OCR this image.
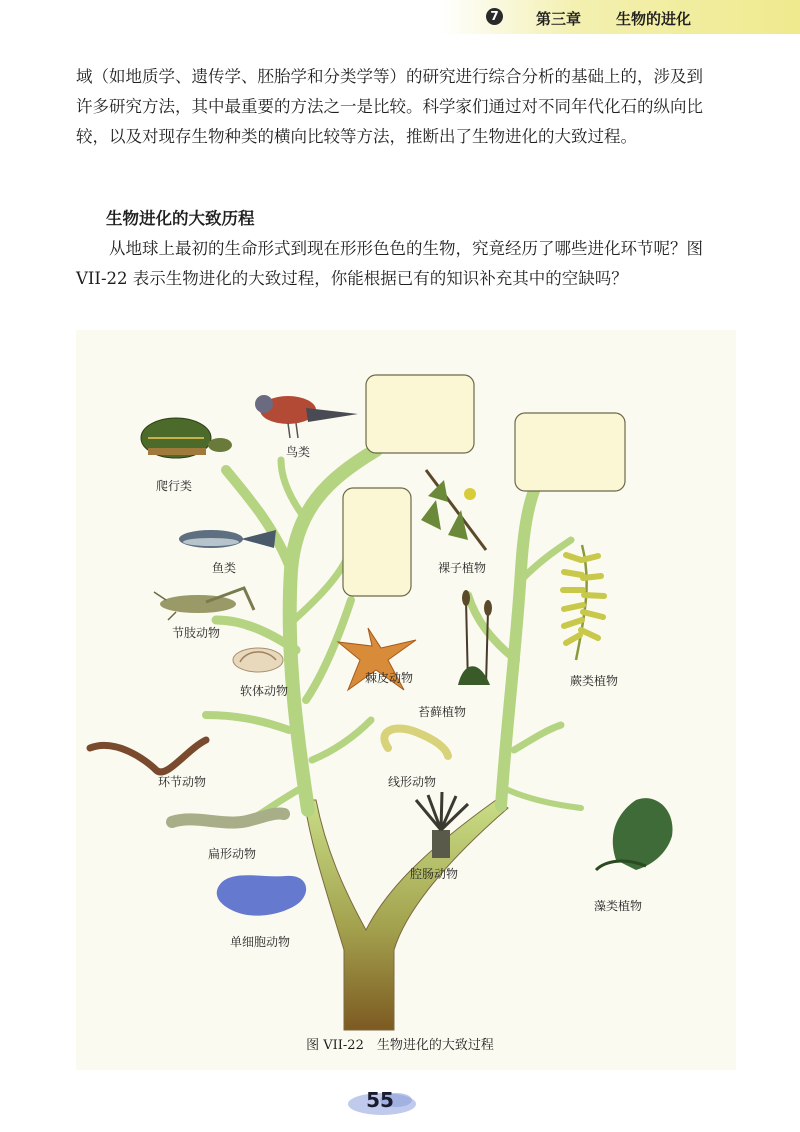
7 第三章 生物的进化

域（如地质学、遗传学、胚胎学和分类学等）的研究进行综合分析的基础上的，涉及到许多研究方法，其中最重要的方法之一是比较。科学家们通过对不同年代化石的纵向比较，以及对现存生物种类的横向比较等方法，推断出了生物进化的大致过程。

生物进化的大致历程

从地球上最初的生命形式到现在形形色色的生物，究竟经历了哪些进化环节呢？图 VII-22 表示生物进化的大致过程，你能根据已有的知识补充其中的空缺吗？

爬行类
鸟类
鱼类
节肢动物
软体动物
环节动物
扁形动物
单细胞动物
棘皮动物
线形动物
腔肠动物
裸子植物
苔藓植物
蕨类植物
藻类植物
图 VII-22　生物进化的大致过程
55
